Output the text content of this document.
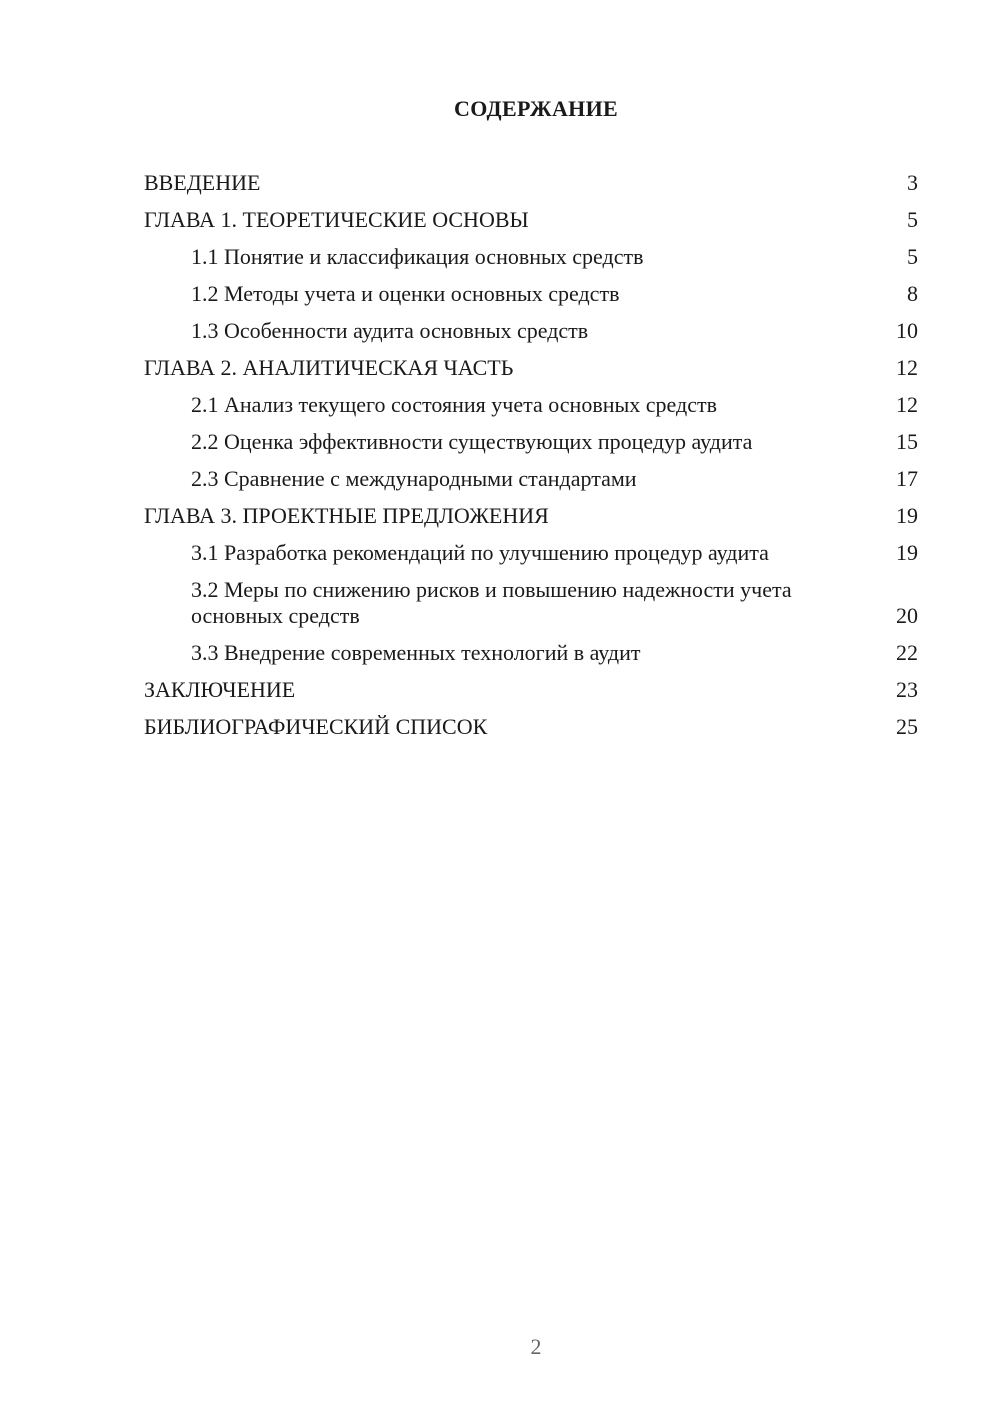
СОДЕРЖАНИЕ
ВВЕДЕНИЕ	3
ГЛАВА 1. ТЕОРЕТИЧЕСКИЕ ОСНОВЫ	5
1.1 Понятие и классификация основных средств	5
1.2 Методы учета и оценки основных средств	8
1.3 Особенности аудита основных средств	10
ГЛАВА 2. АНАЛИТИЧЕСКАЯ ЧАСТЬ	12
2.1 Анализ текущего состояния учета основных средств	12
2.2 Оценка эффективности существующих процедур аудита	15
2.3 Сравнение с международными стандартами	17
ГЛАВА 3. ПРОЕКТНЫЕ ПРЕДЛОЖЕНИЯ	19
3.1 Разработка рекомендаций по улучшению процедур аудита	19
3.2 Меры по снижению рисков и повышению надежности учета основных средств	20
3.3 Внедрение современных технологий в аудит	22
ЗАКЛЮЧЕНИЕ	23
БИБЛИОГРАФИЧЕСКИЙ СПИСОК	25
2
